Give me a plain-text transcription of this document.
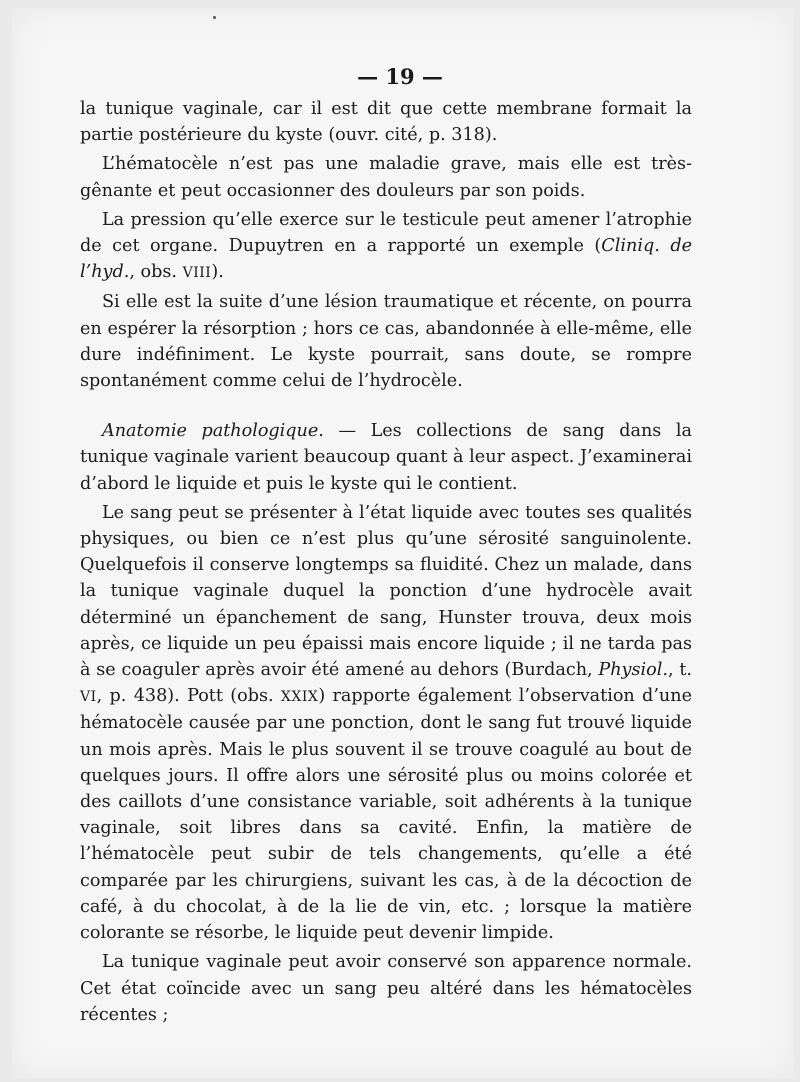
— 19 —

la tunique vaginale, car il est dit que cette membrane formait la partie postérieure du kyste (ouvr. cité, p. 318).

L’hématocèle n’est pas une maladie grave, mais elle est très-gênante et peut occasionner des douleurs par son poids.

La pression qu’elle exerce sur le testicule peut amener l’atrophie de cet organe. Dupuytren en a rapporté un exemple (Cliniq. de l’hyd., obs. VIII).

Si elle est la suite d’une lésion traumatique et récente, on pourra en espérer la résorption ; hors ce cas, abandonnée à elle-même, elle dure indéfiniment. Le kyste pourrait, sans doute, se rompre spontanément comme celui de l’hydrocèle.

Anatomie pathologique. — Les collections de sang dans la tunique vaginale varient beaucoup quant à leur aspect. J’examinerai d’abord le liquide et puis le kyste qui le contient.

Le sang peut se présenter à l’état liquide avec toutes ses qualités physiques, ou bien ce n’est plus qu’une sérosité sanguinolente. Quelquefois il conserve longtemps sa fluidité. Chez un malade, dans la tunique vaginale duquel la ponction d’une hydrocèle avait déterminé un épanchement de sang, Hunster trouva, deux mois après, ce liquide un peu épaissi mais encore liquide ; il ne tarda pas à se coaguler après avoir été amené au dehors (Burdach, Physiol., t. VI, p. 438). Pott (obs. XXIX) rapporte également l’observation d’une hématocèle causée par une ponction, dont le sang fut trouvé liquide un mois après. Mais le plus souvent il se trouve coagulé au bout de quelques jours. Il offre alors une sérosité plus ou moins colorée et des caillots d’une consistance variable, soit adhérents à la tunique vaginale, soit libres dans sa cavité. Enfin, la matière de l’hématocèle peut subir de tels changements, qu’elle a été comparée par les chirurgiens, suivant les cas, à de la décoction de café, à du chocolat, à de la lie de vin, etc. ; lorsque la matière colorante se résorbe, le liquide peut devenir limpide.

La tunique vaginale peut avoir conservé son apparence normale. Cet état coïncide avec un sang peu altéré dans les hématocèles récentes ;
